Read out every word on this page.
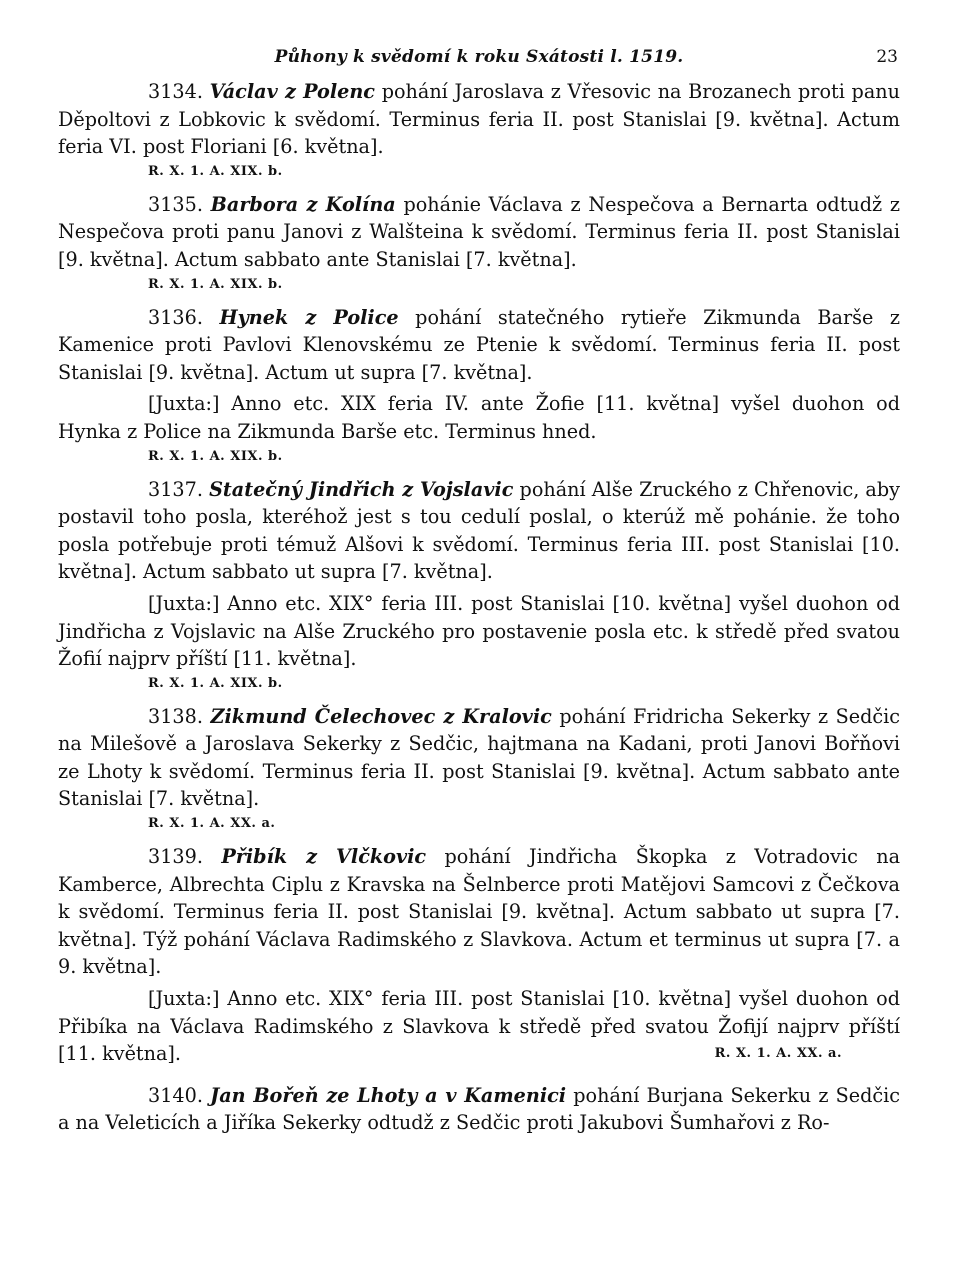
Půhony k svědomí k roku Sxátosti l. 1519.	23

3134. Václav z Polenc pohání Jaroslava z Vřesovic na Brozanech proti panu Děpoltovi z Lobkovic k svědomí. Terminus feria II. post Stanislai [9. května]. Actum feria VI. post Floriani [6. května].

R. X. 1. A. XIX. b.

3135. Barbora z Kolína pohánie Václava z Nespečova a Bernarta odtudž z Nespečova proti panu Janovi z Walšteina k svědomí. Terminus feria II. post Stanislai [9. května]. Actum sabbato ante Stanislai [7. května].

R. X. 1. A. XIX. b.

3136. Hynek z Police pohání statečného rytieře Zikmunda Barše z Kamenice proti Pavlovi Klenovskému ze Ptenie k svědomí. Terminus feria II. post Stanislai [9. května]. Actum ut supra [7. května].

[Juxta:] Anno etc. XIX feria IV. ante Žofie [11. května] vyšel duohon od Hynka z Police na Zikmunda Barše etc. Terminus hned.

R. X. 1. A. XIX. b.

3137. Statečný Jindřich z Vojslavic pohání Alše Zruckého z Chřenovic, aby postavil toho posla, kteréhož jest s tou cedulí poslal, o kterúž mě pohánie. že toho posla potřebuje proti témuž Alšovi k svědomí. Terminus feria III. post Stanislai [10. května]. Actum sabbato ut supra [7. května].

[Juxta:] Anno etc. XIX° feria III. post Stanislai [10. května] vyšel duohon od Jindřicha z Vojslavic na Alše Zruckého pro postavenie posla etc. k středě před svatou Žofií najprv příští [11. května].

R. X. 1. A. XIX. b.

3138. Zikmund Čelechovec z Kralovic pohání Fridricha Sekerky z Sedčic na Milešově a Jaroslava Sekerky z Sedčic, hajtmana na Kadani, proti Janovi Bořňovi ze Lhoty k svědomí. Terminus feria II. post Stanislai [9. května]. Actum sabbato ante Stanislai [7. května].

R. X. 1. A. XX. a.

3139. Přibík z Vlčkovic pohání Jindřicha Škopka z Votradovic na Kamberce, Albrechta Ciplu z Kravska na Šelnberce proti Matějovi Samcovi z Čečkova k svědomí. Terminus feria II. post Stanislai [9. května]. Actum sabbato ut supra [7. května]. Týž pohání Václava Radimského z Slavkova. Actum et terminus ut supra [7. a 9. května].

[Juxta:] Anno etc. XIX° feria III. post Stanislai [10. května] vyšel duohon od Přibíka na Václava Radimského z Slavkova k středě před svatou Žofijí najprv příští [11. května].	R. X. 1. A. XX. a.

3140. Jan Bořeň ze Lhoty a v Kamenici pohání Burjana Sekerku z Sedčic a na Veleticích a Jiříka Sekerky odtudž z Sedčic proti Jakubovi Šumhařovi z Ro-
